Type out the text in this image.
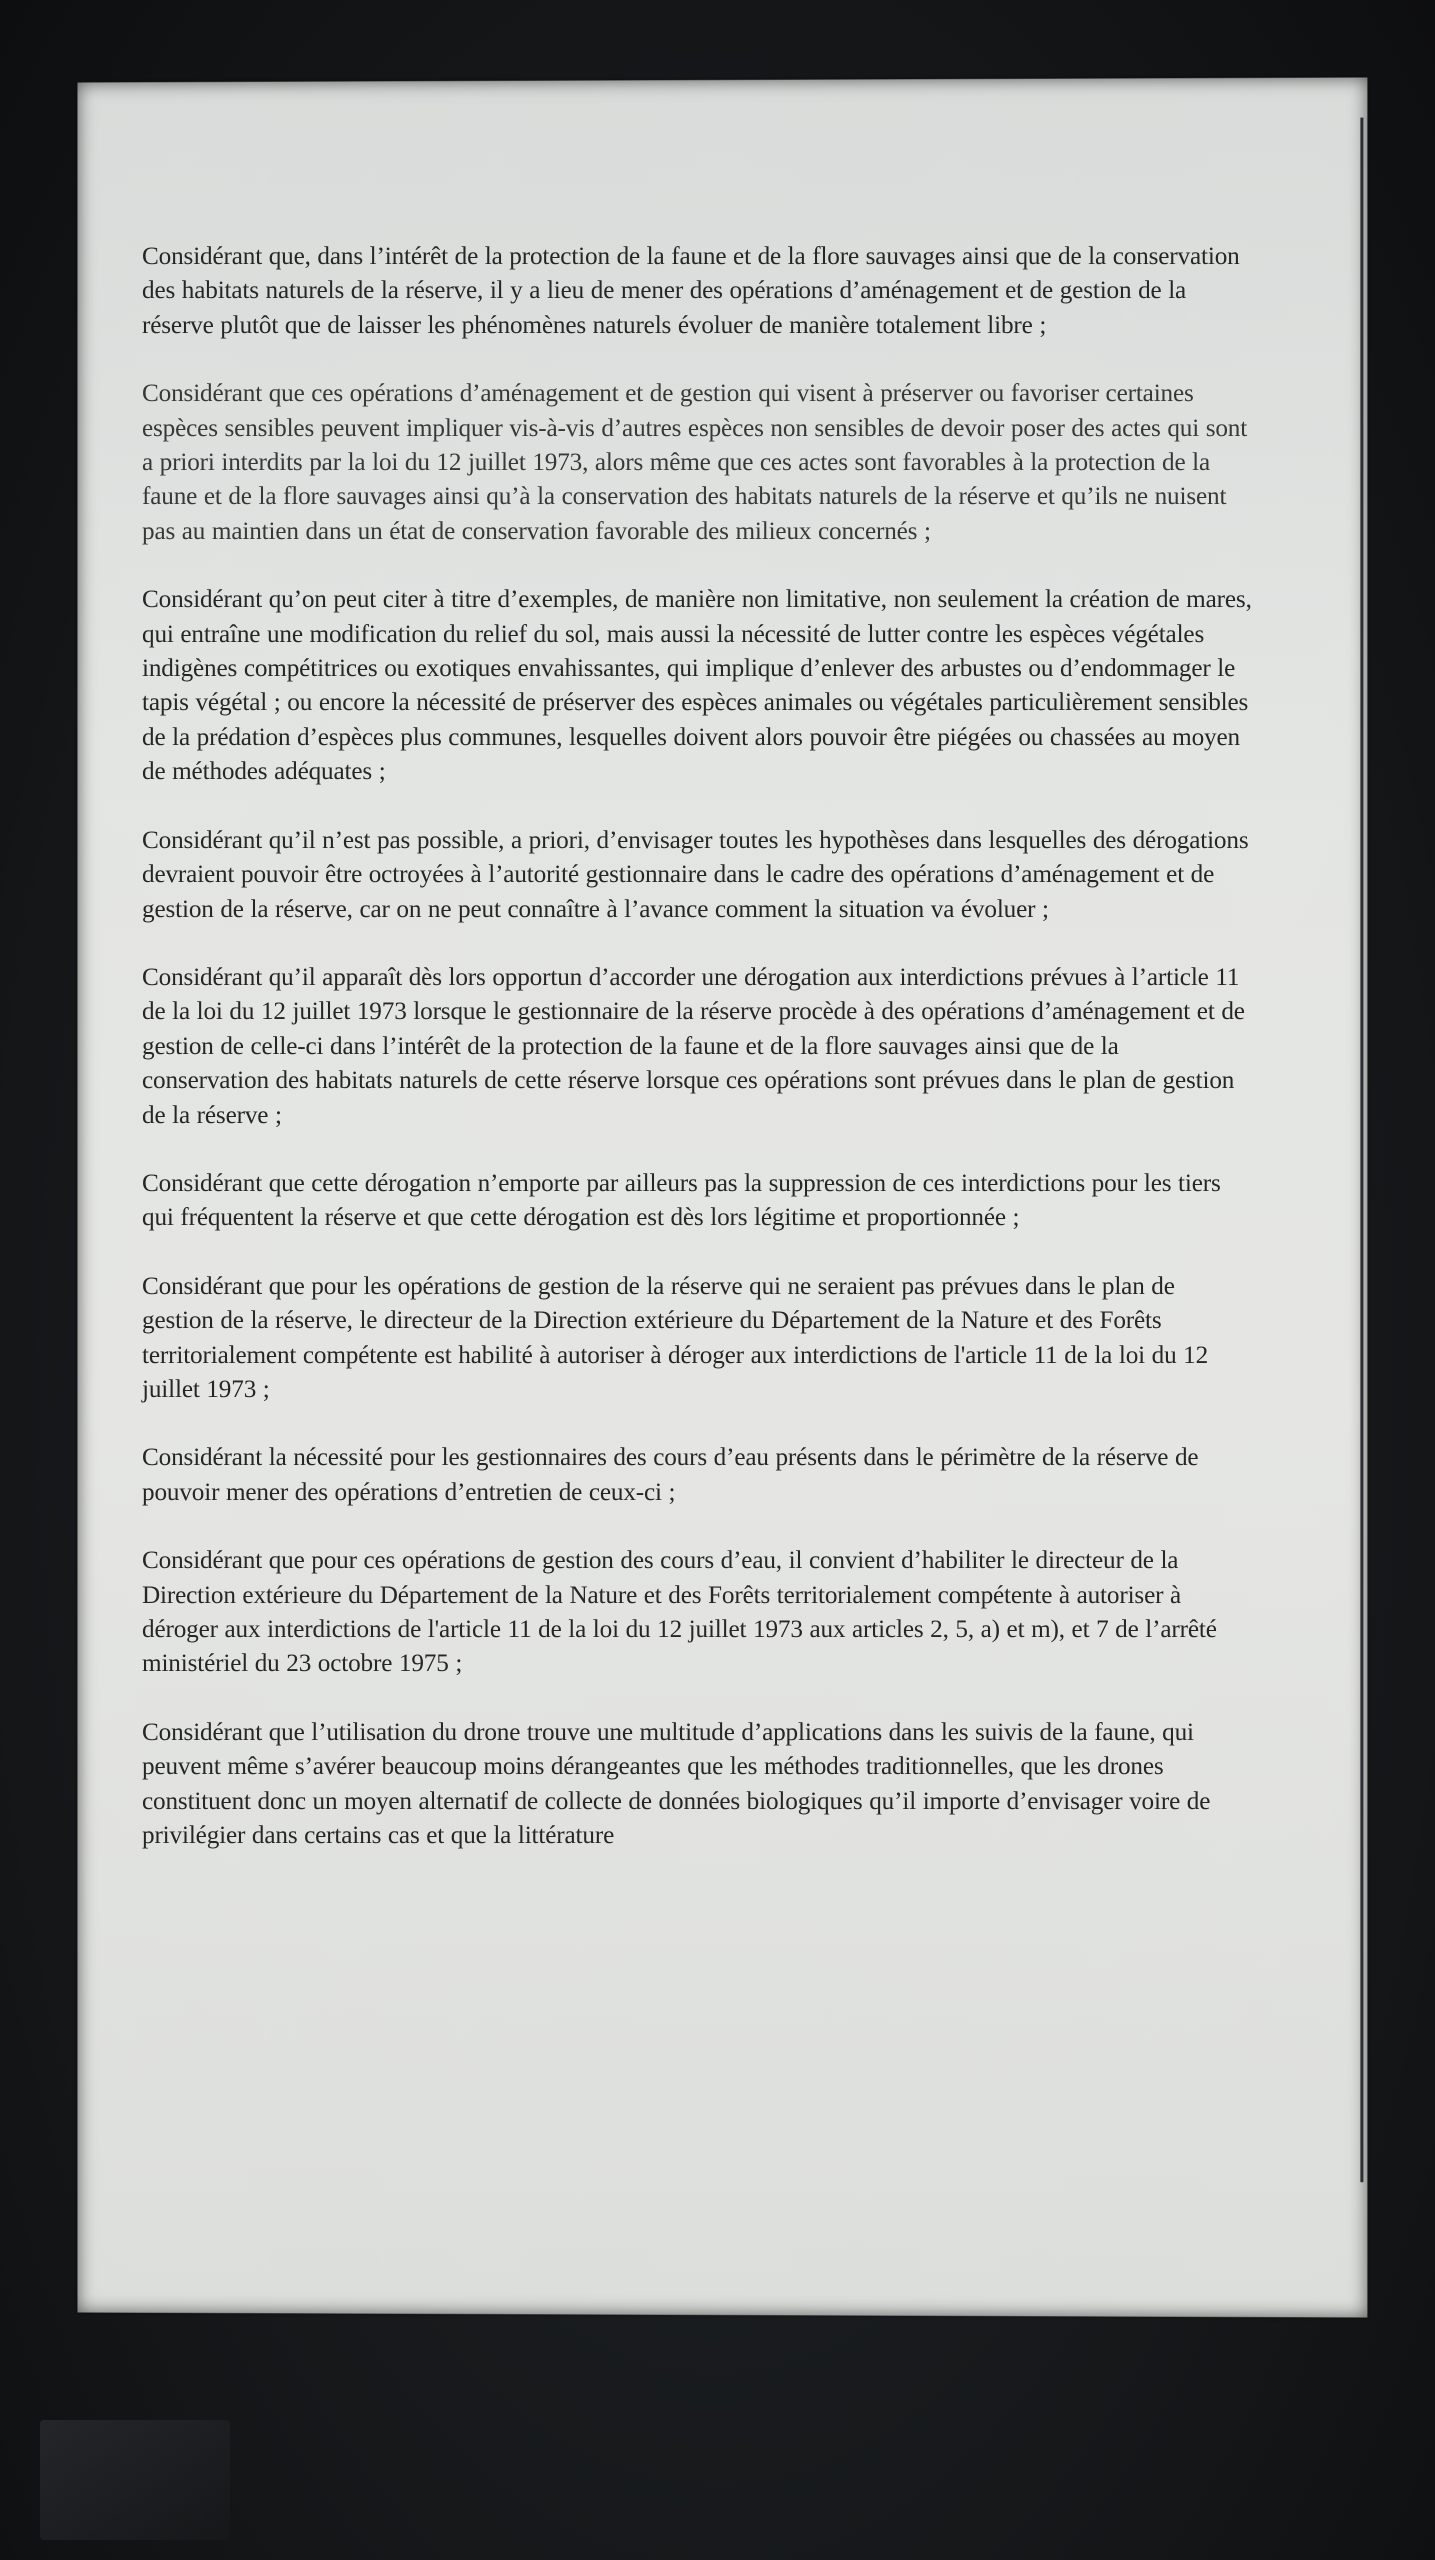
Considérant que, dans l’intérêt de la protection de la faune et de la flore sauvages ainsi que de la conservation des habitats naturels de la réserve, il y a lieu de mener des opérations d’aménagement et de gestion de la réserve plutôt que de laisser les phénomènes naturels évoluer de manière totalement libre ;

Considérant que ces opérations d’aménagement et de gestion qui visent à préserver ou favoriser certaines espèces sensibles peuvent impliquer vis-à-vis d’autres espèces non sensibles de devoir poser des actes qui sont a priori interdits par la loi du 12 juillet 1973, alors même que ces actes sont favorables à la protection de la faune et de la flore sauvages ainsi qu’à la conservation des habitats naturels de la réserve et qu’ils ne nuisent pas au maintien dans un état de conservation favorable des milieux concernés ;

Considérant qu’on peut citer à titre d’exemples, de manière non limitative, non seulement la création de mares, qui entraîne une modification du relief du sol, mais aussi la nécessité de lutter contre les espèces végétales indigènes compétitrices ou exotiques envahissantes, qui implique d’enlever des arbustes ou d’endommager le tapis végétal ; ou encore la nécessité de préserver des espèces animales ou végétales particulièrement sensibles de la prédation d’espèces plus communes, lesquelles doivent alors pouvoir être piégées ou chassées au moyen de méthodes adéquates ;

Considérant qu’il n’est pas possible, a priori, d’envisager toutes les hypothèses dans lesquelles des dérogations devraient pouvoir être octroyées à l’autorité gestionnaire dans le cadre des opérations d’aménagement et de gestion de la réserve, car on ne peut connaître à l’avance comment la situation va évoluer ;

Considérant qu’il apparaît dès lors opportun d’accorder une dérogation aux interdictions prévues à l’article 11 de la loi du 12 juillet 1973 lorsque le gestionnaire de la réserve procède à des opérations d’aménagement et de gestion de celle-ci dans l’intérêt de la protection de la faune et de la flore sauvages ainsi que de la conservation des habitats naturels de cette réserve lorsque ces opérations sont prévues dans le plan de gestion de la réserve ;

Considérant que cette dérogation n’emporte par ailleurs pas la suppression de ces interdictions pour les tiers qui fréquentent la réserve et que cette dérogation est dès lors légitime et proportionnée ;

Considérant que pour les opérations de gestion de la réserve qui ne seraient pas prévues dans le plan de gestion de la réserve, le directeur de la Direction extérieure du Département de la Nature et des Forêts territorialement compétente est habilité à autoriser à déroger aux interdictions de l'article 11 de la loi du 12 juillet 1973 ;

Considérant la nécessité pour les gestionnaires des cours d’eau présents dans le périmètre de la réserve de pouvoir mener des opérations d’entretien de ceux-ci ;

Considérant que pour ces opérations de gestion des cours d’eau, il convient d’habiliter le directeur de la Direction extérieure du Département de la Nature et des Forêts territorialement compétente à autoriser à déroger aux interdictions de l'article 11 de la loi du 12 juillet 1973 aux articles 2, 5, a) et m), et 7 de l’arrêté ministériel du 23 octobre 1975 ;

Considérant que l’utilisation du drone trouve une multitude d’applications dans les suivis de la faune, qui peuvent même s’avérer beaucoup moins dérangeantes que les méthodes traditionnelles, que les drones constituent donc un moyen alternatif de collecte de données biologiques qu’il importe d’envisager voire de privilégier dans certains cas et que la littérature
